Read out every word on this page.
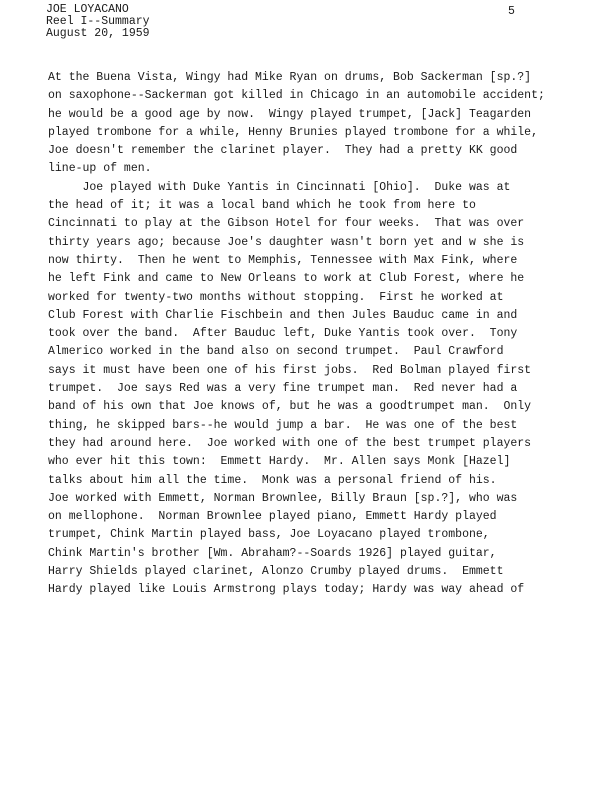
JOE LOYACANO
Reel I--Summary
August 20, 1959
5
At the Buena Vista, Wingy had Mike Ryan on drums, Bob Sackerman [sp.?]
on saxophone--Sackerman got killed in Chicago in an automobile accident;
he would be a good age by now.  Wingy played trumpet, [Jack] Teagarden
played trombone for a while, Henny Brunies played trombone for a while,
Joe doesn't remember the clarinet player.  They had a pretty KK good
line-up of men.
Joe played with Duke Yantis in Cincinnati [Ohio].  Duke was at
the head of it; it was a local band which he took from here to
Cincinnati to play at the Gibson Hotel for four weeks.  That was over
thirty years ago; because Joe's daughter wasn't born yet and w she is
now thirty.  Then he went to Memphis, Tennessee with Max Fink, where
he left Fink and came to New Orleans to work at Club Forest, where he
worked for twenty-two months without stopping.  First he worked at
Club Forest with Charlie Fischbein and then Jules Bauduc came in and
took over the band.  After Bauduc left, Duke Yantis took over.  Tony
Almerico worked in the band also on second trumpet.  Paul Crawford
says it must have been one of his first jobs.  Red Bolman played first
trumpet.  Joe says Red was a very fine trumpet man.  Red never had a
band of his own that Joe knows of, but he was a goodtrumpet man.  Only
thing, he skipped bars--he would jump a bar.  He was one of the best
they had around here.  Joe worked with one of the best trumpet players
who ever hit this town:  Emmett Hardy.  Mr. Allen says Monk [Hazel]
talks about him all the time.  Monk was a personal friend of his.
Joe worked with Emmett, Norman Brownlee, Billy Braun [sp.?], who was
on mellophone.  Norman Brownlee played piano, Emmett Hardy played
trumpet, Chink Martin played bass, Joe Loyacano played trombone,
Chink Martin's brother [Wm. Abraham?--Soards 1926] played guitar,
Harry Shields played clarinet, Alonzo Crumby played drums.  Emmett
Hardy played like Louis Armstrong plays today; Hardy was way ahead of
